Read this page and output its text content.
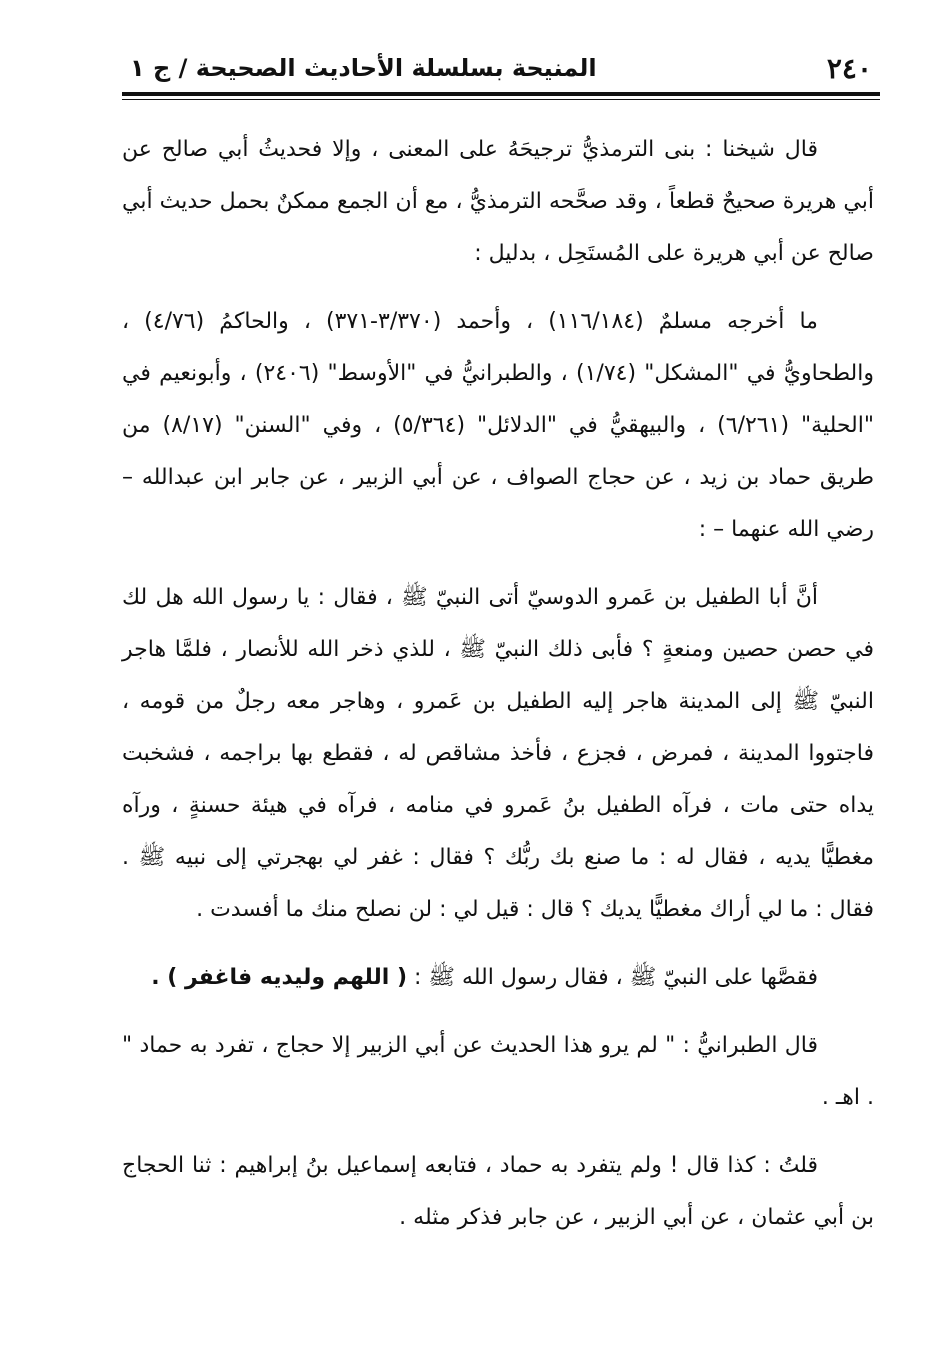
٢٤٠
المنيحة بسلسلة الأحاديث الصحيحة / ج ١

قال شيخنا : بنى الترمذيُّ ترجيحَهُ على المعنى ، وإلا فحديثُ أبي صالح عن أبي هريرة صحيحٌ قطعاً ، وقد صحَّحه الترمذيُّ ، مع أن الجمع ممكنٌ بحمل حديث أبي صالح عن أبي هريرة على المُستَحِل ، بدليل :

ما أخرجه مسلمٌ (١١٦/١٨٤) ، وأحمد (٣/٣٧٠-٣٧١) ، والحاكمُ (٤/٧٦) ، والطحاويُّ في "المشكل" (١/٧٤) ، والطبرانيُّ في "الأوسط" (٢٤٠٦) ، وأبونعيم في "الحلية" (٦/٢٦١) ، والبيهقيُّ في "الدلائل" (٥/٣٦٤) ، وفي "السنن" (٨/١٧) من طريق حماد بن زيد ، عن حجاج الصواف ، عن أبي الزبير ، عن جابر ابن عبدالله – رضي الله عنهما – :

أنَّ أبا الطفيل بن عَمرو الدوسيّ أتى النبيّ ﷺ ، فقال : يا رسول الله هل لك في حصن حصين ومنعةٍ ؟ فأبى ذلك النبيّ ﷺ ، للذي ذخر الله للأنصار ، فلمَّا هاجر النبيّ ﷺ إلى المدينة هاجر إليه الطفيل بن عَمرو ، وهاجر معه رجلٌ من قومه ، فاجتووا المدينة ، فمرض ، فجزع ، فأخذ مشاقص له ، فقطع بها براجمه ، فشخبت يداه حتى مات ، فرآه الطفيل بنُ عَمرو في منامه ، فرآه في هيئة حسنةٍ ، ورآه مغطيًّا يديه ، فقال له : ما صنع بك ربُّك ؟ فقال : غفر لي بهجرتي إلى نبيه ﷺ . فقال : ما لي أراك مغطيًّا يديك ؟ قال : قيل لي : لن نصلح منك ما أفسدت .

فقصَّها على النبيّ ﷺ ، فقال رسول الله ﷺ : ( اللهم وليديه فاغفر ) .

قال الطبرانيُّ : " لم يرو هذا الحديث عن أبي الزبير إلا حجاج ، تفرد به حماد " . اهـ .

قلتُ : كذا قال ! ولم يتفرد به حماد ، فتابعه إسماعيل بنُ إبراهيم : ثنا الحجاج بن أبي عثمان ، عن أبي الزبير ، عن جابر فذكر مثله .
